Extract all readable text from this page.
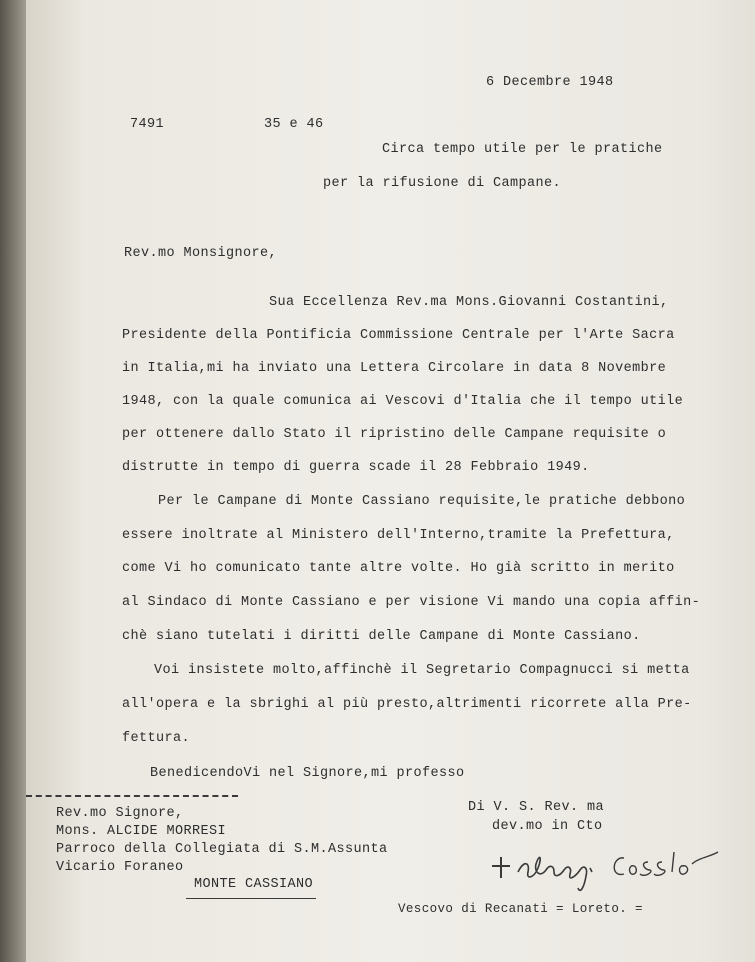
6 Decembre 1948
7491	35 e 46
Circa tempo utile per le pratiche
per la rifusione di Campane.
Rev.mo Monsignore,
Sua Eccellenza Rev.ma Mons.Giovanni Costantini,
Presidente della Pontificia Commissione Centrale per l'Arte Sacra
in Italia,mi ha inviato una Lettera Circolare in data 8 Novembre
1948, con la quale comunica ai Vescovi d'Italia che il tempo utile
per ottenere dallo Stato il ripristino delle Campane requisite o
distrutte in tempo di guerra scade il 28 Febbraio 1949.
Per le Campane di Monte Cassiano requisite,le pratiche debbono
essere inoltrate al Ministero dell'Interno,tramite la Prefettura,
come Vi ho comunicato tante altre volte. Ho già scritto in merito
al Sindaco di Monte Cassiano e per visione Vi mando una copia affin-
chè siano tutelati i diritti delle Campane di Monte Cassiano.
Voi insistete molto,affinchè il Segretario Compagnucci si metta
all'opera e la sbrighi al più presto,altrimenti ricorrete alla Pre-
fettura.
BenedicendoVi nel Signore,mi professo
Rev.mo Signore,
Mons. ALCIDE MORRESI
Parroco della Collegiata di S.M.Assunta
Vicario Foraneo
MONTE CASSIANO
Di V. S. Rev. ma
dev.mo in Cto
Vescovo di Recanati = Loreto. =
